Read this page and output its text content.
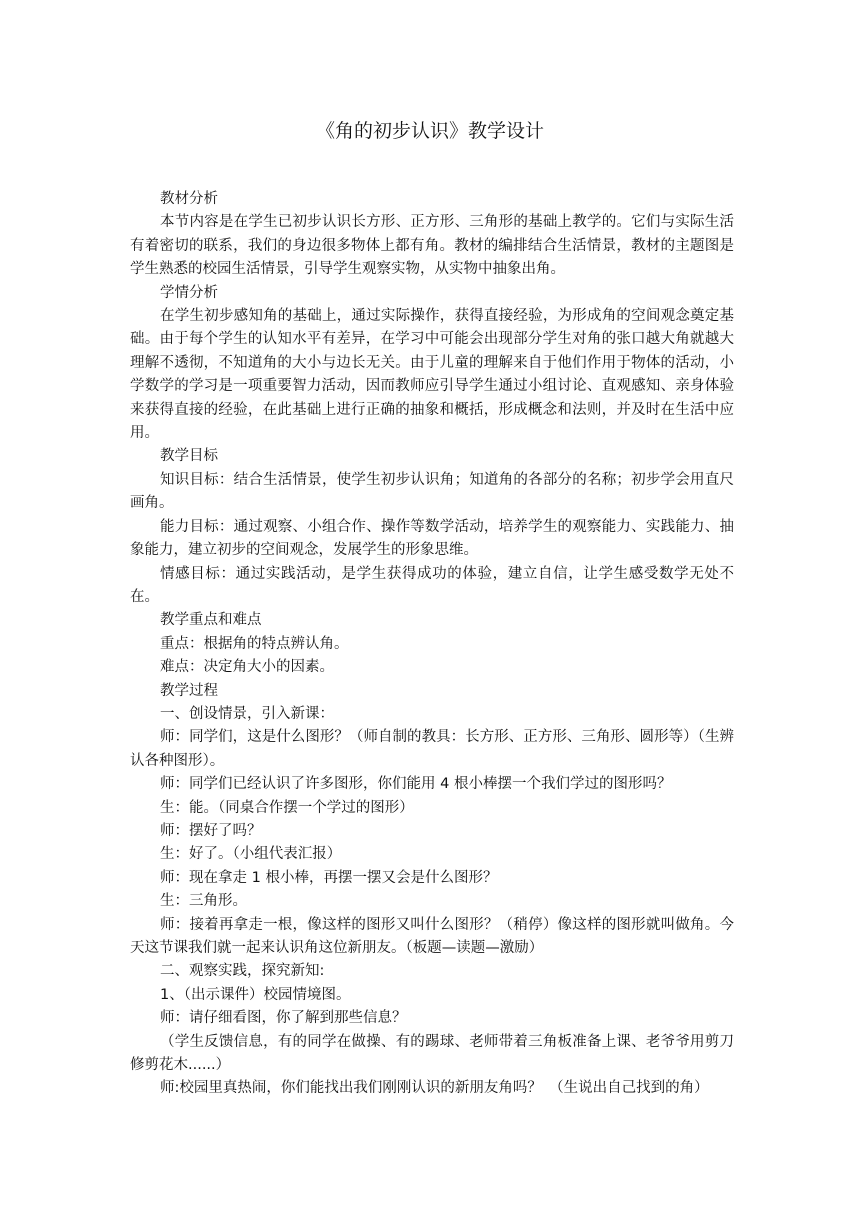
《角的初步认识》教学设计

教材分析

本节内容是在学生已初步认识长方形、正方形、三角形的基础上教学的。它们与实际生活有着密切的联系，我们的身边很多物体上都有角。教材的编排结合生活情景，教材的主题图是学生熟悉的校园生活情景，引导学生观察实物，从实物中抽象出角。

学情分析

在学生初步感知角的基础上，通过实际操作，获得直接经验，为形成角的空间观念奠定基础。由于每个学生的认知水平有差异，在学习中可能会出现部分学生对角的张口越大角就越大理解不透彻，不知道角的大小与边长无关。由于儿童的理解来自于他们作用于物体的活动，小学数学的学习是一项重要智力活动，因而教师应引导学生通过小组讨论、直观感知、亲身体验来获得直接的经验，在此基础上进行正确的抽象和概括，形成概念和法则，并及时在生活中应用。

教学目标

知识目标：结合生活情景，使学生初步认识角；知道角的各部分的名称；初步学会用直尺画角。

能力目标：通过观察、小组合作、操作等数学活动，培养学生的观察能力、实践能力、抽象能力，建立初步的空间观念，发展学生的形象思维。

情感目标：通过实践活动，是学生获得成功的体验，建立自信，让学生感受数学无处不在。

教学重点和难点

重点：根据角的特点辨认角。

难点：决定角大小的因素。

教学过程

一、创设情景，引入新课：

师：同学们，这是什么图形？（师自制的教具：长方形、正方形、三角形、圆形等）（生辨认各种图形）。

师：同学们已经认识了许多图形，你们能用 4 根小棒摆一个我们学过的图形吗？

生：能。（同桌合作摆一个学过的图形）

师：摆好了吗？

生：好了。（小组代表汇报）

师：现在拿走 1 根小棒，再摆一摆又会是什么图形？

生：三角形。

师：接着再拿走一根，像这样的图形又叫什么图形？（稍停）像这样的图形就叫做角。今天这节课我们就一起来认识角这位新朋友。（板题—读题—激励）

二、观察实践，探究新知:

1、（出示课件）校园情境图。

师：请仔细看图，你了解到那些信息？

（学生反馈信息，有的同学在做操、有的踢球、老师带着三角板准备上课、老爷爷用剪刀修剪花木......）

师:校园里真热闹，你们能找出我们刚刚认识的新朋友角吗？　（生说出自己找到的角）
